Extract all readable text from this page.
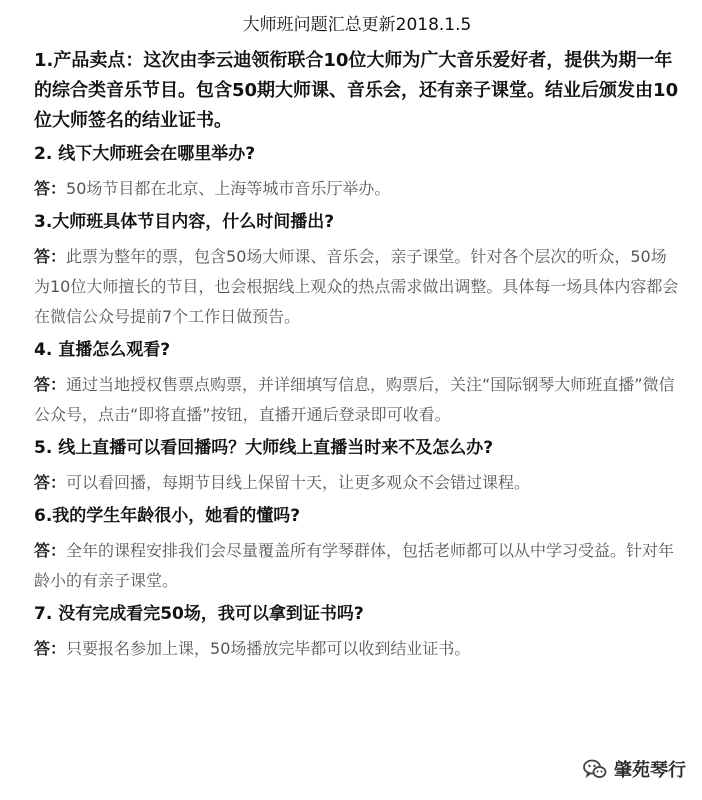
大师班问题汇总更新2018.1.5
1.产品卖点：这次由李云迪领衔联合10位大师为广大音乐爱好者，提供为期一年的综合类音乐节目。包含50期大师课、音乐会，还有亲子课堂。结业后颁发由10位大师签名的结业证书。
2. 线下大师班会在哪里举办?
答：50场节目都在北京、上海等城市音乐厅举办。
3.大师班具体节目内容，什么时间播出?
答：此票为整年的票，包含50场大师课、音乐会，亲子课堂。针对各个层次的听众，50场为10位大师擅长的节目，也会根据线上观众的热点需求做出调整。具体每一场具体内容都会在微信公众号提前7个工作日做预告。
4. 直播怎么观看?
答：通过当地授权售票点购票，并详细填写信息，购票后，关注“国际钢琴大师班直播”微信公众号，点击“即将直播”按钮，直播开通后登录即可收看。
5. 线上直播可以看回播吗？大师线上直播当时来不及怎么办?
答：可以看回播，每期节目线上保留十天，让更多观众不会错过课程。
6.我的学生年龄很小，她看的懂吗?
答：全年的课程安排我们会尽量覆盖所有学琴群体，包括老师都可以从中学习受益。针对年龄小的有亲子课堂。
7. 没有完成看完50场，我可以拿到证书吗?
答：只要报名参加上课，50场播放完毕都可以收到结业证书。
肇苑琴行
